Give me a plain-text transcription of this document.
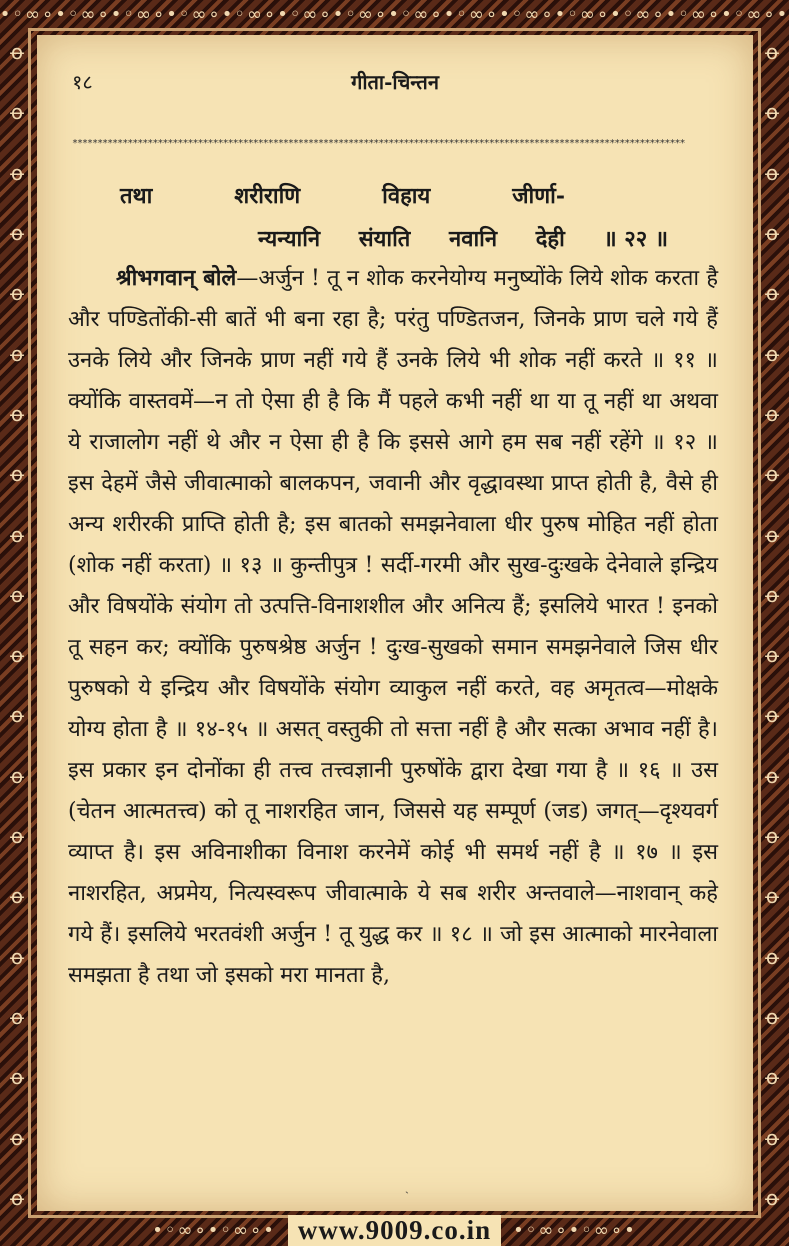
•◦∞∘•◦∞∘•◦∞∘•◦∞∘•◦∞∘•◦∞∘•◦∞∘•◦∞∘•◦∞∘•◦∞∘•◦∞∘•◦∞∘•◦∞∘•◦∞∘•
ꝋ
ꝋ
ꝋ
ꝋ
ꝋ
ꝋ
ꝋ
ꝋ
ꝋ
ꝋ
ꝋ
ꝋ
ꝋ
ꝋ
ꝋ
ꝋ
ꝋ
ꝋ
ꝋ
ꝋ
ꝋ
ꝋ
ꝋ
ꝋ
ꝋ
ꝋ
ꝋ
ꝋ
ꝋ
ꝋ
ꝋ
ꝋ
ꝋ
ꝋ
ꝋ
ꝋ
ꝋ
ꝋ
ꝋ
ꝋ
१८	गीता-चिन्तन
**************************************************************************************************************************
तथा	शरीराणि	विहाय	जीर्णा-
न्यन्यानि संयाति नवानि देही ॥ २२ ॥

श्रीभगवान् बोले—अर्जुन ! तू न शोक करनेयोग्य मनुष्योंके लिये शोक करता है और पण्डितोंकी-सी बातें भी बना रहा है; परंतु पण्डितजन, जिनके प्राण चले गये हैं उनके लिये और जिनके प्राण नहीं गये हैं उनके लिये भी शोक नहीं करते ॥ ११ ॥ क्योंकि वास्तवमें—न तो ऐसा ही है कि मैं पहले कभी नहीं था या तू नहीं था अथवा ये राजालोग नहीं थे और न ऐसा ही है कि इससे आगे हम सब नहीं रहेंगे ॥ १२ ॥ इस देहमें जैसे जीवात्माको बालकपन, जवानी और वृद्धावस्था प्राप्त होती है, वैसे ही अन्य शरीरकी प्राप्ति होती है; इस बातको समझनेवाला धीर पुरुष मोहित नहीं होता (शोक नहीं करता) ॥ १३ ॥ कुन्तीपुत्र ! सर्दी-गरमी और सुख-दुःखके देनेवाले इन्द्रिय और विषयोंके संयोग तो उत्पत्ति-विनाशशील और अनित्य हैं; इसलिये भारत ! इनको तू सहन कर; क्योंकि पुरुषश्रेष्ठ अर्जुन ! दुःख-सुखको समान समझनेवाले जिस धीर पुरुषको ये इन्द्रिय और विषयोंके संयोग व्याकुल नहीं करते, वह अमृतत्व—मोक्षके योग्य होता है ॥ १४-१५ ॥ असत् वस्तुकी तो सत्ता नहीं है और सत्का अभाव नहीं है। इस प्रकार इन दोनोंका ही तत्त्व तत्त्वज्ञानी पुरुषोंके द्वारा देखा गया है ॥ १६ ॥ उस (चेतन आत्मतत्त्व) को तू नाशरहित जान, जिससे यह सम्पूर्ण (जड) जगत्—दृश्यवर्ग व्याप्त है। इस अविनाशीका विनाश करनेमें कोई भी समर्थ नहीं है ॥ १७ ॥ इस नाशरहित, अप्रमेय, नित्यस्वरूप जीवात्माके ये सब शरीर अन्तवाले—नाशवान् कहे गये हैं। इसलिये भरतवंशी अर्जुन ! तू युद्ध कर ॥ १८ ॥ जो इस आत्माको मारनेवाला समझता है तथा जो इसको मरा मानता है,

ˏ
•◦∞∘•◦∞∘• www.9009.co.in	•◦∞∘•◦∞∘•
